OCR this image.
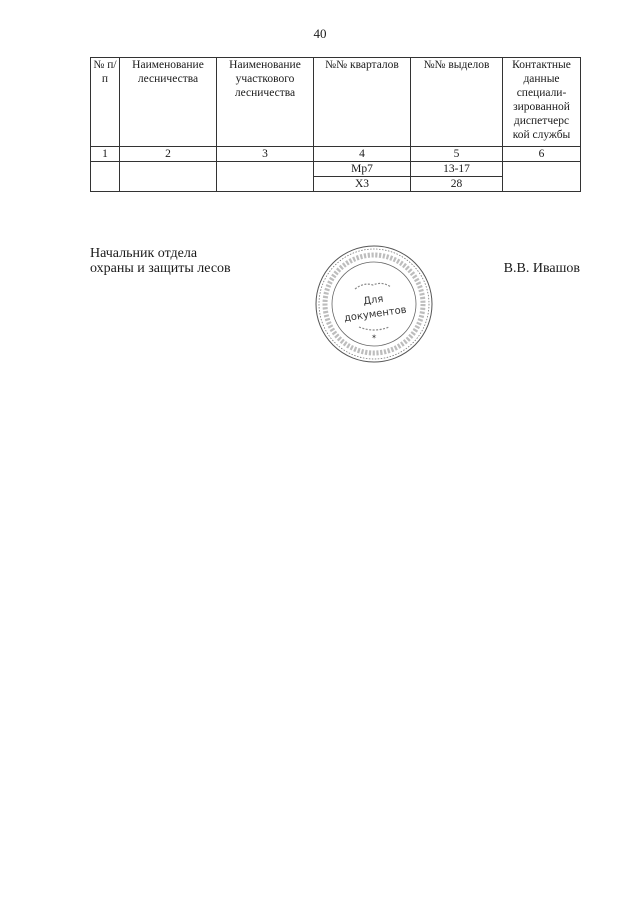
40
№ п/п	Наименование лесничества	Наименование участкового лесничества	№№ кварталов	№№ выделов	Контактные данные специали-зированной диспетчерс кой службы
1	2	3	4	5	6
			Мр7	13-17	
			Х3	28	
Начальник отдела
охраны и защиты лесов
Для
документов
✶
В.В. Ивашов
